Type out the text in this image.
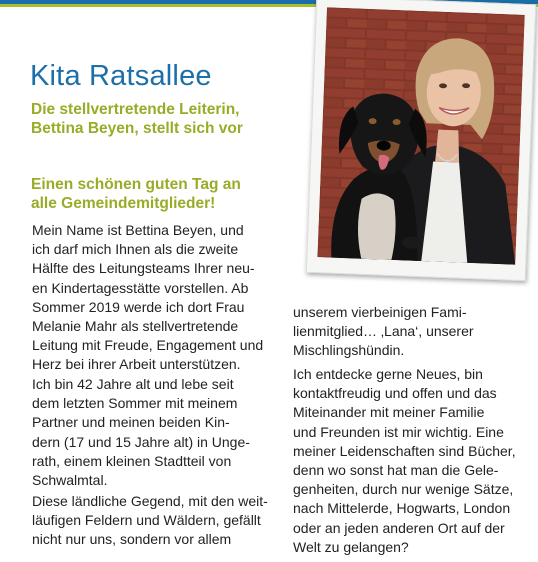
Kita Ratsallee
Die stellvertretende Leiterin,
Bettina Beyen, stellt sich vor
Einen schönen guten Tag an
alle Gemeindemitglieder!
Mein Name ist Bettina Beyen, und
ich darf mich Ihnen als die zweite
Hälfte des Leitungsteams Ihrer neu-
en Kindertagesstätte vorstellen. Ab
Sommer 2019 werde ich dort Frau
Melanie Mahr als stellvertretende
Leitung mit Freude, Engagement und
Herz bei ihrer Arbeit unterstützen.
Ich bin 42 Jahre alt und lebe seit
dem letzten Sommer mit meinem
Partner und meinen beiden Kin-
dern (17 und 15 Jahre alt) in Unge-
rath, einem kleinen Stadtteil von
Schwalmtal.
Diese ländliche Gegend, mit den weit-
läufigen Feldern und Wäldern, gefällt
nicht nur uns, sondern vor allem
unserem vierbeinigen Fami-
lienmitglied… ‚Lana‘, unserer
Mischlingshündin.
Ich entdecke gerne Neues, bin
kontaktfreudig und offen und das
Miteinander mit meiner Familie
und Freunden ist mir wichtig. Eine
meiner Leidenschaften sind Bücher,
denn wo sonst hat man die Gele-
genheiten, durch nur wenige Sätze,
nach Mittelerde, Hogwarts, London
oder an jeden anderen Ort auf der
Welt zu gelangen?
